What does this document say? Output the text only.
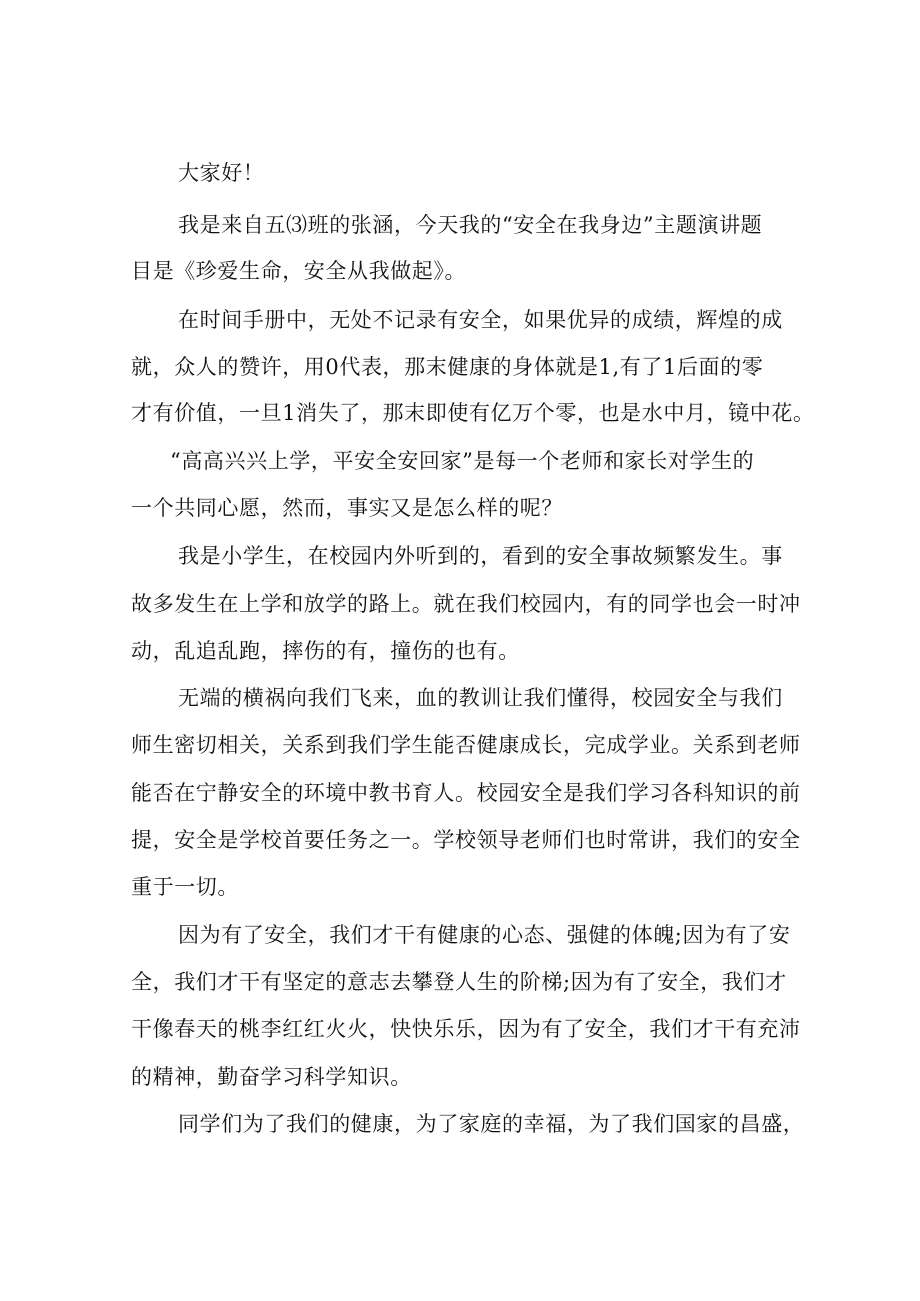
大家好！
我是来自五⑶班的张涵，今天我的“安全在我身边”主题演讲题
目是《珍爱生命，安全从我做起》。
在时间手册中，无处不记录有安全，如果优异的成绩，辉煌的成
就，众人的赞许，用0代表，那末健康的身体就是1,有了1后面的零
才有价值，一旦1消失了，那末即使有亿万个零，也是水中月，镜中花。
“高高兴兴上学，平安全安回家”是每一个老师和家长对学生的
一个共同心愿，然而，事实又是怎么样的呢？
我是小学生，在校园内外听到的，看到的安全事故频繁发生。事
故多发生在上学和放学的路上。就在我们校园内，有的同学也会一时冲
动，乱追乱跑，摔伤的有，撞伤的也有。
无端的横祸向我们飞来，血的教训让我们懂得，校园安全与我们
师生密切相关，关系到我们学生能否健康成长，完成学业。关系到老师
能否在宁静安全的环境中教书育人。校园安全是我们学习各科知识的前
提，安全是学校首要任务之一。学校领导老师们也时常讲，我们的安全
重于一切。
因为有了安全，我们才干有健康的心态、强健的体魄;因为有了安
全，我们才干有坚定的意志去攀登人生的阶梯;因为有了安全，我们才
干像春天的桃李红红火火，快快乐乐，因为有了安全，我们才干有充沛
的精神，勤奋学习科学知识。
同学们为了我们的健康，为了家庭的幸福，为了我们国家的昌盛，
